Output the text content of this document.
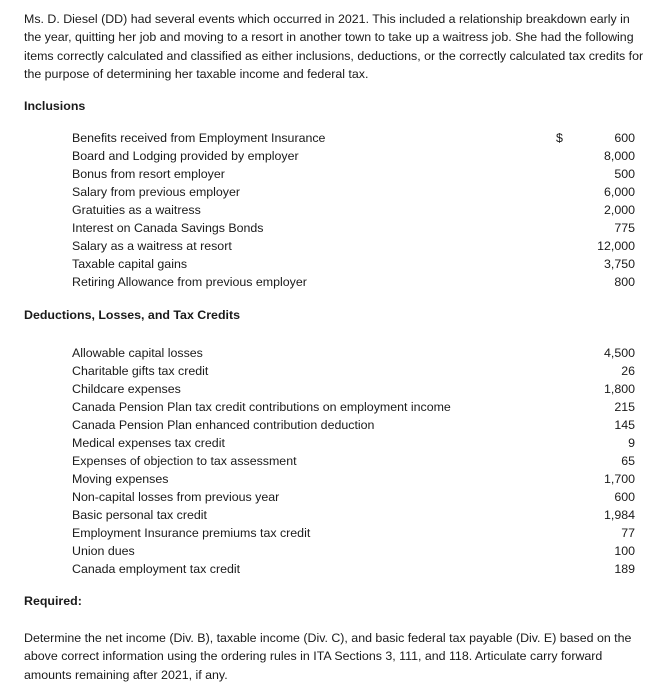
Ms. D. Diesel (DD) had several events which occurred in 2021. This included a relationship breakdown early in the year, quitting her job and moving to a resort in another town to take up a waitress job. She had the following items correctly calculated and classified as either inclusions, deductions, or the correctly calculated tax credits for the purpose of determining her taxable income and federal tax.

Inclusions
Benefits received from Employment Insurance	$	600
Board and Lodging provided by employer	8,000
Bonus from resort employer	500
Salary from previous employer	6,000
Gratuities as a waitress	2,000
Interest on Canada Savings Bonds	775
Salary as a waitress at resort	12,000
Taxable capital gains	3,750
Retiring Allowance from previous employer	800
Deductions, Losses, and Tax Credits
Allowable capital losses	4,500
Charitable gifts tax credit	26
Childcare expenses	1,800
Canada Pension Plan tax credit contributions on employment income	215
Canada Pension Plan enhanced contribution deduction	145
Medical expenses tax credit	9
Expenses of objection to tax assessment	65
Moving expenses	1,700
Non-capital losses from previous year	600
Basic personal tax credit	1,984
Employment Insurance premiums tax credit	77
Union dues	100
Canada employment tax credit	189
Required:

Determine the net income (Div. B), taxable income (Div. C), and basic federal tax payable (Div. E) based on the above correct information using the ordering rules in ITA Sections 3, 111, and 118. Articulate carry forward amounts remaining after 2021, if any.
